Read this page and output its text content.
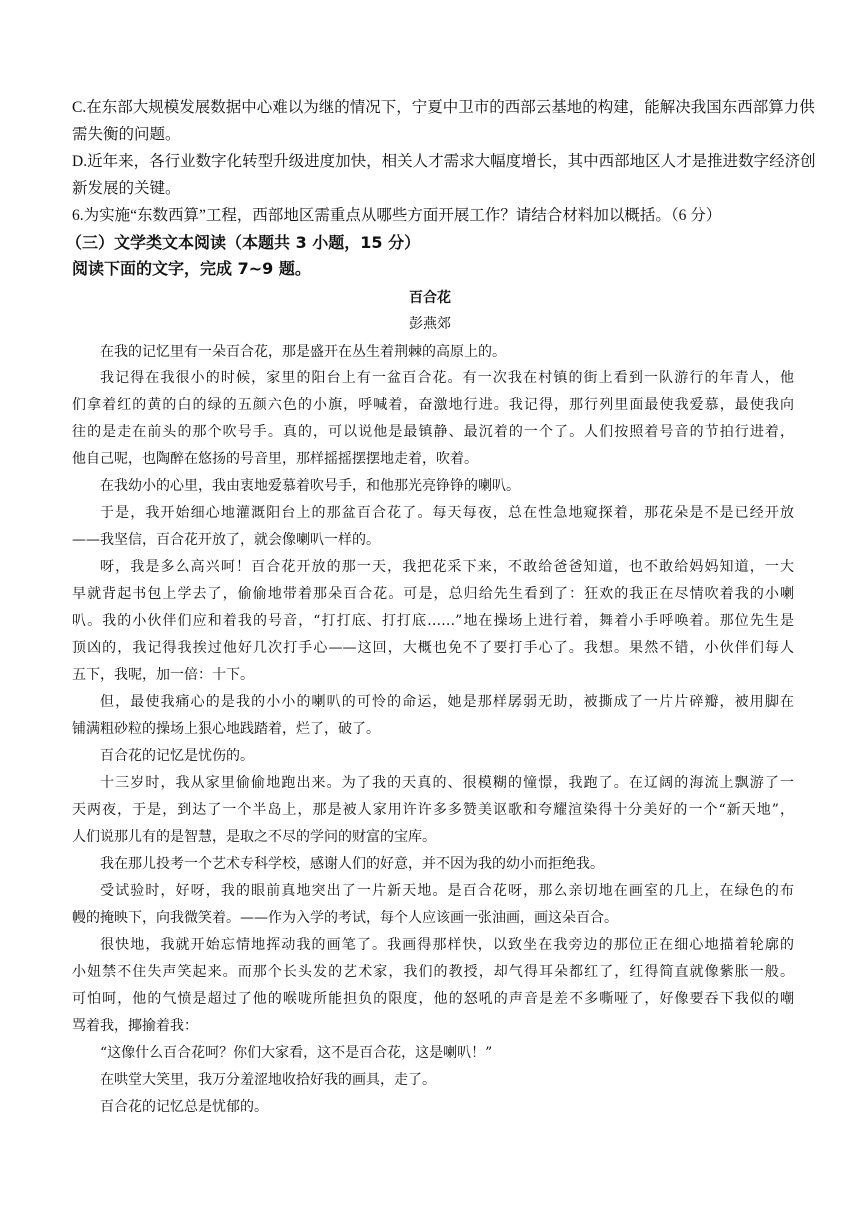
C.在东部大规模发展数据中心难以为继的情况下，宁夏中卫市的西部云基地的构建，能解决我国东西部算力供
需失衡的问题。
D.近年来，各行业数字化转型升级进度加快，相关人才需求大幅度增长，其中西部地区人才是推进数字经济创
新发展的关键。
6.为实施“东数西算”工程，西部地区需重点从哪些方面开展工作？请结合材料加以概括。（6 分）
（三）文学类文本阅读（本题共 3 小题，15 分）
阅读下面的文字，完成 7~9 题。
百合花
彭燕郊
在我的记忆里有一朵百合花，那是盛开在丛生着荆棘的高原上的。
我记得在我很小的时候，家里的阳台上有一盆百合花。有一次我在村镇的街上看到一队游行的年青人，他
们拿着红的黄的白的绿的五颜六色的小旗，呼喊着，奋激地行进。我记得，那行列里面最使我爱慕，最使我向
往的是走在前头的那个吹号手。真的，可以说他是最镇静、最沉着的一个了。人们按照着号音的节拍行进着，
他自己呢，也陶醉在悠扬的号音里，那样摇摇摆摆地走着，吹着。
在我幼小的心里，我由衷地爱慕着吹号手，和他那光亮铮铮的喇叭。
于是，我开始细心地灌溉阳台上的那盆百合花了。每天每夜，总在性急地窥探着，那花朵是不是已经开放
——我坚信，百合花开放了，就会像喇叭一样的。
呀，我是多么高兴呵！百合花开放的那一天，我把花采下来，不敢给爸爸知道，也不敢给妈妈知道，一大
早就背起书包上学去了，偷偷地带着那朵百合花。可是，总归给先生看到了：狂欢的我正在尽情吹着我的小喇
叭。我的小伙伴们应和着我的号音，“打打底、打打底……”地在操场上进行着，舞着小手呼唤着。那位先生是
顶凶的，我记得我挨过他好几次打手心——这回，大概也免不了要打手心了。我想。果然不错，小伙伴们每人
五下，我呢，加一倍：十下。
但，最使我痛心的是我的小小的喇叭的可怜的命运，她是那样孱弱无助，被撕成了一片片碎瓣，被用脚在
铺满粗砂粒的操场上狠心地践踏着，烂了，破了。
百合花的记忆是忧伤的。
十三岁时，我从家里偷偷地跑出来。为了我的天真的、很模糊的憧憬，我跑了。在辽阔的海流上飘游了一
天两夜，于是，到达了一个半岛上，那是被人家用许许多多赞美讴歌和夸耀渲染得十分美好的一个“新天地”，
人们说那儿有的是智慧，是取之不尽的学问的财富的宝库。
我在那儿投考一个艺术专科学校，感谢人们的好意，并不因为我的幼小而拒绝我。
受试验时，好呀，我的眼前真地突出了一片新天地。是百合花呀，那么亲切地在画室的几上，在绿色的布
幔的掩映下，向我微笑着。——作为入学的考试，每个人应该画一张油画，画这朵百合。
很快地，我就开始忘情地挥动我的画笔了。我画得那样快，以致坐在我旁边的那位正在细心地描着轮廓的
小妞禁不住失声笑起来。而那个长头发的艺术家，我们的教授，却气得耳朵都红了，红得简直就像紫胀一般。
可怕呵，他的气愤是超过了他的喉咙所能担负的限度，他的怒吼的声音是差不多嘶哑了，好像要吞下我似的嘲
骂着我，揶揄着我：
“这像什么百合花呵？你们大家看，这不是百合花，这是喇叭！”
在哄堂大笑里，我万分羞涩地收拾好我的画具，走了。
百合花的记忆总是忧郁的。
